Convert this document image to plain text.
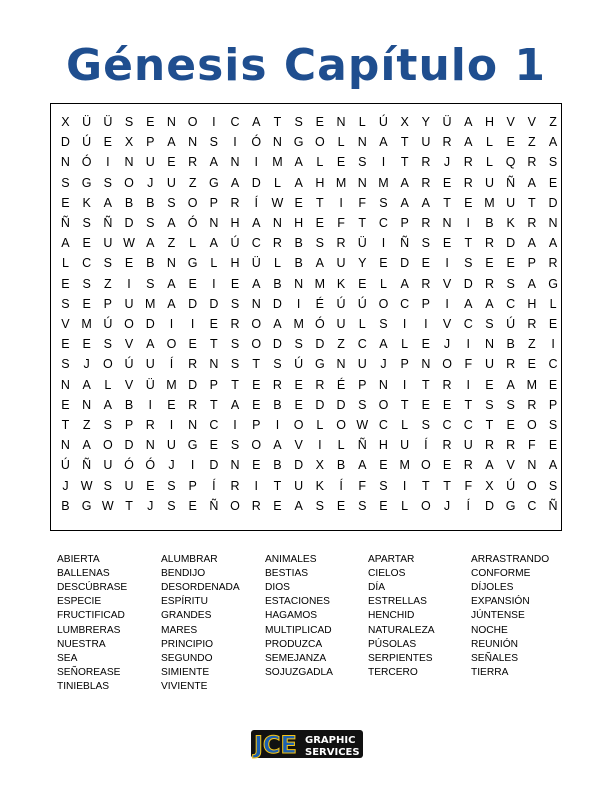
Génesis Capítulo 1
X	Ü Ü	S	E	N O	I	C	A	T	S	E	N	L	Ú	X	Y	Ü	A	H	V	V	Z
D Ú	E	X	P	A	N	S	I	Ó N G O	L	N	A	T	U R	A	L	E	Z	A
N Ó	I	N U	E	R	A	N	I	M A	L	E	S	I	T	R	J	R	L	Q R	S
S G S O	J	U	Z	G A	D	L	A	H M N M A	R	E	R U Ñ	A	E
E	K	A	B	B	S O P	R	Í	W E	T	I	F	S	A	A	T	E M U	T	D
Ñ	S	Ñ D	S	A Ó N H	A	N H	E	F	T	C	P	R N	I	B	K	R N
A	E	U W A	Z	L	A	Ú C R	B	S	R Ü	I	Ñ	S	E	T	R D	A	A
L	C	S	E	B	N G	L	H Ü	L	B	A	U	Y	E	D	E	I	S	E	E	P	R
E	S	Z	I	S	A	E	I	E	A	B	N M K	E	L	A	R	V	D R	S	A G
S	E	P	U M A	D D	S	N D	I	É	Ú Ú O C	P	I	A	A	C H	L
V M Ú O D	I	I	E	R O A M Ó U	L	S	I	I	V	C	S	Ú R	E
E	E	S	V	A O E	T	S O D	S	D	Z	C	A	L	E	J	I	N	B	Z	I
S	J	O Ú U	Í	R N	S	T	S	Ú G N U	J	P	N O	F	U R	E	C
N	A	L	V	Ü M D	P	T	E	R	E	R	É	P	N	I	T	R	I	E	A M E
E	N	A	B	I	E	R	T	A	E	B	E	D D	S O	T	E	E	T	S	S	R	P
T	Z	S	P	R	I	N C	I	P	I	O	L	O W C	L	S	C C	T	E O S
N	A O D N U G E	S O A	V	I	L	Ñ H U	Í	R U R R	F	E
Ú Ñ U Ó Ó	J	I	D N	E	B	D	X	B	A	E M O E	R	A	V	N	A
J W S	U	E	S	P	Í	R	I	T	U	K	Í	F	S	I	T	T	F	X	Ú O S
B G W T	J	S	E	Ñ O R	E	A	S	E	S	E	L	O	J	Í	D G C Ñ
ABIERTA	ALUMBRAR	ANIMALES	APARTAR	ARRASTRANDO
BALLENAS	BENDIJO	BESTIAS	CIELOS	CONFORME
DESCÚBRASE	DESORDENADA DIOS	DÍA	DÍJOLES
ESPECIE	ESPÍRITU	ESTACIONES	ESTRELLAS	EXPANSIÓN
FRUCTIFICAD	GRANDES	HAGAMOS	HENCHID	JÚNTENSE
LUMBRERAS	MARES	MULTIPLICAD	NATURALEZA	NOCHE
NUESTRA	PRINCIPIO	PRODUZCA	PÚSOLAS	REUNIÓN
SEA	SEGUNDO	SEMEJANZA	SERPIENTES	SEÑALES
SEÑOREASE	SIMIENTE	SOJUZGADLA	TERCERO	TIERRA
TINIEBLAS	VIVIENTE
JCE GRAPHIC
SERVICES
